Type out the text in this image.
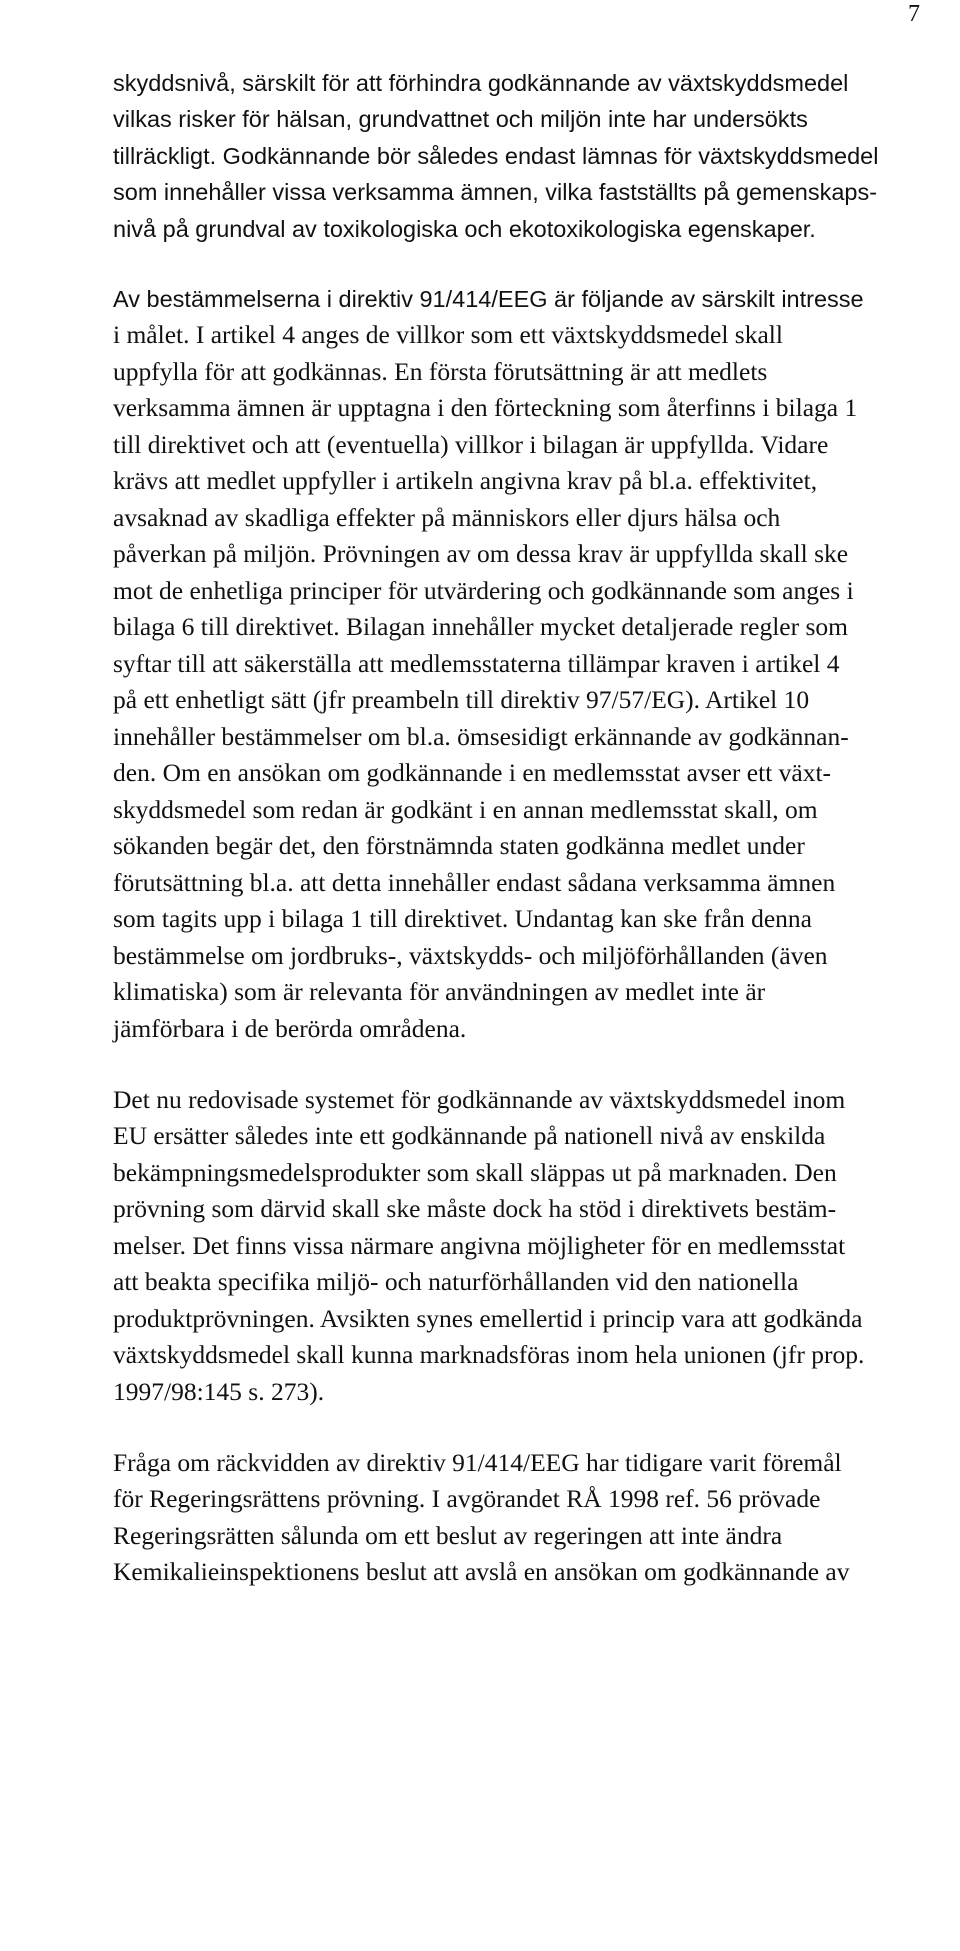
7
skyddsnivå, särskilt för att förhindra godkännande av växtskyddsmedel
vilkas risker för hälsan, grundvattnet och miljön inte har undersökts
tillräckligt. Godkännande bör således endast lämnas för växtskyddsmedel
som innehåller vissa verksamma ämnen, vilka fastställts på gemenskaps-
nivå på grundval av toxikologiska och ekotoxikologiska egenskaper.
Av bestämmelserna i direktiv 91/414/EEG är följande av särskilt intresse
i målet. I artikel 4 anges de villkor som ett växtskyddsmedel skall
uppfylla för att godkännas. En första förutsättning är att medlets
verksamma ämnen är upptagna i den förteckning som återfinns i bilaga 1
till direktivet och att (eventuella) villkor i bilagan är uppfyllda. Vidare
krävs att medlet uppfyller i artikeln angivna krav på bl.a. effektivitet,
avsaknad av skadliga effekter på människors eller djurs hälsa och
påverkan på miljön. Prövningen av om dessa krav är uppfyllda skall ske
mot de enhetliga principer för utvärdering och godkännande som anges i
bilaga 6 till direktivet. Bilagan innehåller mycket detaljerade regler som
syftar till att säkerställa att medlemsstaterna tillämpar kraven i artikel 4
på ett enhetligt sätt (jfr preambeln till direktiv 97/57/EG). Artikel 10
innehåller bestämmelser om bl.a. ömsesidigt erkännande av godkännan-
den. Om en ansökan om godkännande i en medlemsstat avser ett växt-
skyddsmedel som redan är godkänt i en annan medlemsstat skall, om
sökanden begär det, den förstnämnda staten godkänna medlet under
förutsättning bl.a. att detta innehåller endast sådana verksamma ämnen
som tagits upp i bilaga 1 till direktivet. Undantag kan ske från denna
bestämmelse om jordbruks-, växtskydds- och miljöförhållanden (även
klimatiska) som är relevanta för användningen av medlet inte är
jämförbara i de berörda områdena.
Det nu redovisade systemet för godkännande av växtskyddsmedel inom
EU ersätter således inte ett godkännande på nationell nivå av enskilda
bekämpningsmedelsprodukter som skall släppas ut på marknaden. Den
prövning som därvid skall ske måste dock ha stöd i direktivets bestäm-
melser. Det finns vissa närmare angivna möjligheter för en medlemsstat
att beakta specifika miljö- och naturförhållanden vid den nationella
produktprövningen. Avsikten synes emellertid i princip vara att godkända
växtskyddsmedel skall kunna marknadsföras inom hela unionen (jfr prop.
1997/98:145 s. 273).
Fråga om räckvidden av direktiv 91/414/EEG har tidigare varit föremål
för Regeringsrättens prövning. I avgörandet RÅ 1998 ref. 56 prövade
Regeringsrätten sålunda om ett beslut av regeringen att inte ändra
Kemikalieinspektionens beslut att avslå en ansökan om godkännande av
